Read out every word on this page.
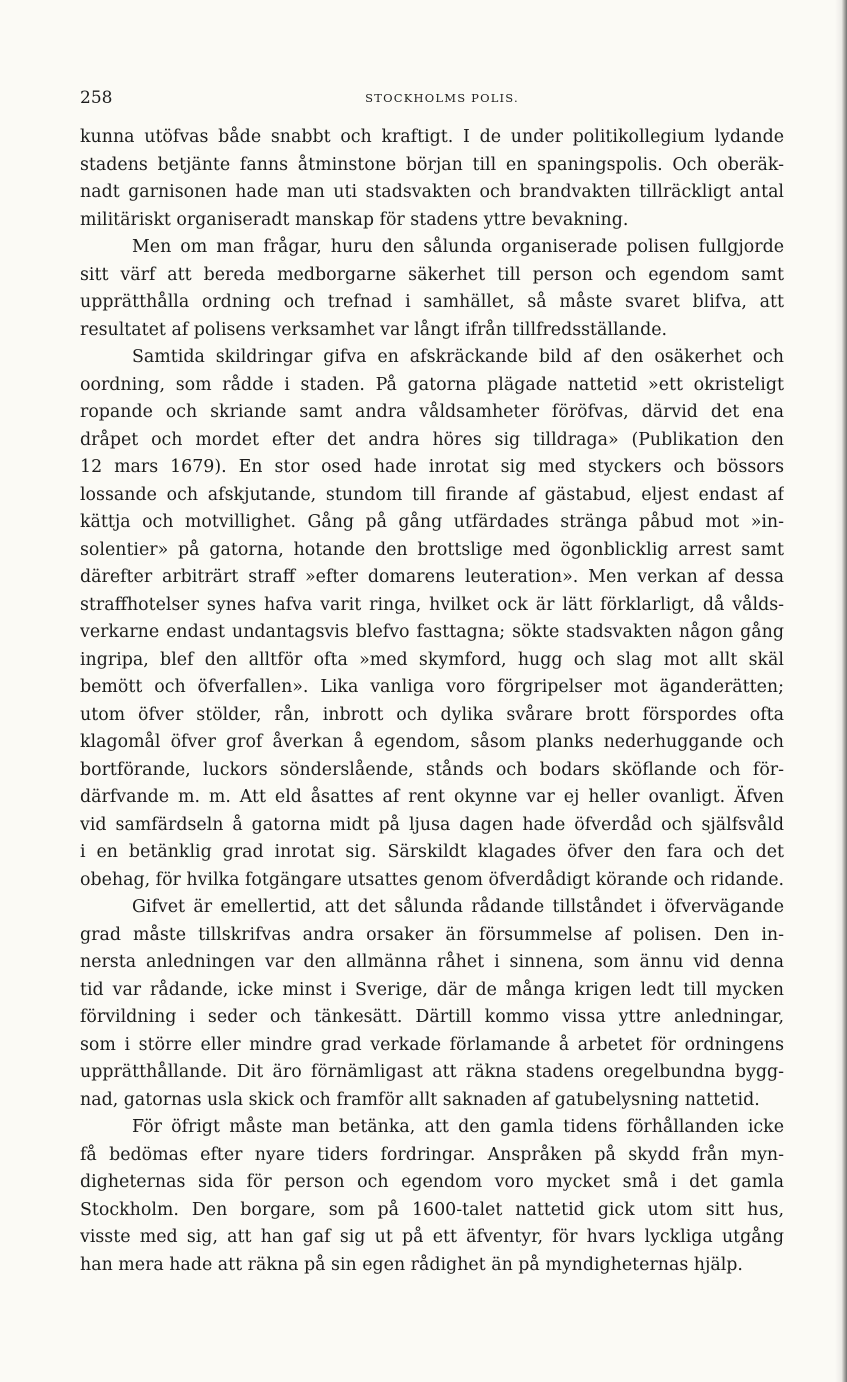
258	STOCKHOLMS POLIS.
kunna utöfvas både snabbt och kraftigt. I de under politikollegium lydande
stadens betjänte fanns åtminstone början till en spaningspolis. Och oberäk-
nadt garnisonen hade man uti stadsvakten och brandvakten tillräckligt antal
militäriskt organiseradt manskap för stadens yttre bevakning.
Men om man frågar, huru den sålunda organiserade polisen fullgjorde
sitt värf att bereda medborgarne säkerhet till person och egendom samt
upprätthålla ordning och trefnad i samhället, så måste svaret blifva, att
resultatet af polisens verksamhet var långt ifrån tillfredsställande.
Samtida skildringar gifva en afskräckande bild af den osäkerhet och
oordning, som rådde i staden. På gatorna plägade nattetid »ett okristeligt
ropande och skriande samt andra våldsamheter föröfvas, därvid det ena
dråpet och mordet efter det andra höres sig tilldraga» (Publikation den
12 mars 1679). En stor osed hade inrotat sig med styckers och bössors
lossande och afskjutande, stundom till firande af gästabud, eljest endast af
kättja och motvillighet. Gång på gång utfärdades stränga påbud mot »in-
solentier» på gatorna, hotande den brottslige med ögonblicklig arrest samt
därefter arbiträrt straff »efter domarens leuteration». Men verkan af dessa
straffhotelser synes hafva varit ringa, hvilket ock är lätt förklarligt, då vålds-
verkarne endast undantagsvis blefvo fasttagna; sökte stadsvakten någon gång
ingripa, blef den alltför ofta »med skymford, hugg och slag mot allt skäl
bemött och öfverfallen». Lika vanliga voro förgripelser mot äganderätten;
utom öfver stölder, rån, inbrott och dylika svårare brott förspordes ofta
klagomål öfver grof åverkan å egendom, såsom planks nederhuggande och
bortförande, luckors sönderslående, stånds och bodars sköflande och för-
därfvande m. m. Att eld åsattes af rent okynne var ej heller ovanligt. Äfven
vid samfärdseln å gatorna midt på ljusa dagen hade öfverdåd och själfsvåld
i en betänklig grad inrotat sig. Särskildt klagades öfver den fara och det
obehag, för hvilka fotgängare utsattes genom öfverdådigt körande och ridande.
Gifvet är emellertid, att det sålunda rådande tillståndet i öfvervägande
grad måste tillskrifvas andra orsaker än försummelse af polisen. Den in-
nersta anledningen var den allmänna råhet i sinnena, som ännu vid denna
tid var rådande, icke minst i Sverige, där de många krigen ledt till mycken
förvildning i seder och tänkesätt. Därtill kommo vissa yttre anledningar,
som i större eller mindre grad verkade förlamande å arbetet för ordningens
upprätthållande. Dit äro förnämligast att räkna stadens oregelbundna bygg-
nad, gatornas usla skick och framför allt saknaden af gatubelysning nattetid.
För öfrigt måste man betänka, att den gamla tidens förhållanden icke
få bedömas efter nyare tiders fordringar. Anspråken på skydd från myn-
digheternas sida för person och egendom voro mycket små i det gamla
Stockholm. Den borgare, som på 1600-talet nattetid gick utom sitt hus,
visste med sig, att han gaf sig ut på ett äfventyr, för hvars lyckliga utgång
han mera hade att räkna på sin egen rådighet än på myndigheternas hjälp.
